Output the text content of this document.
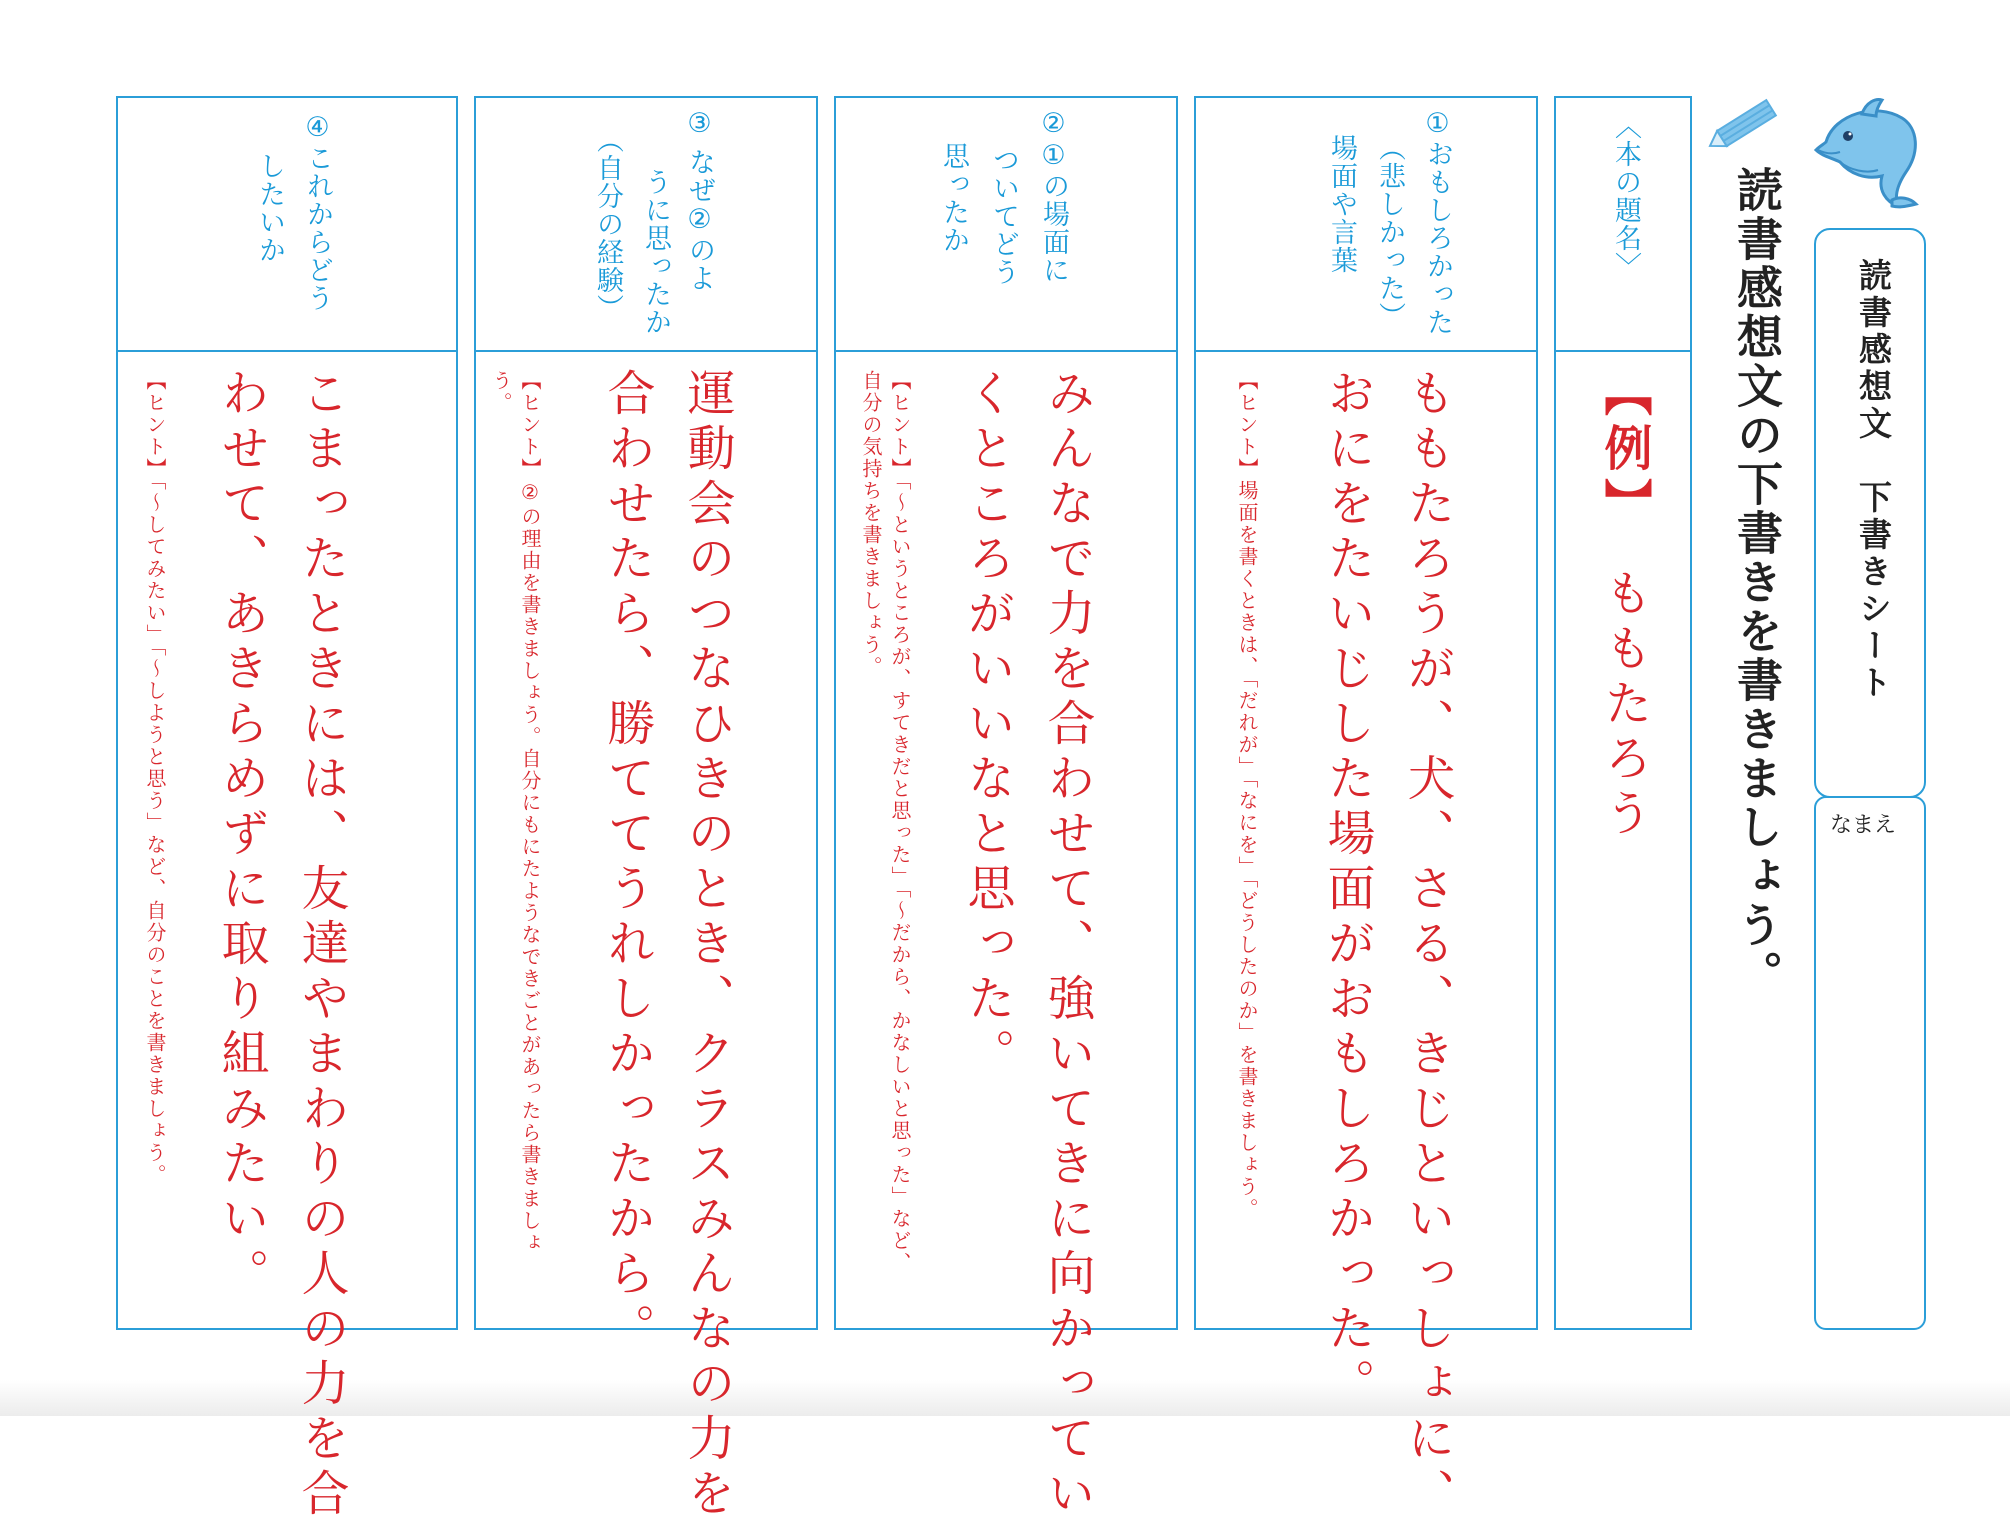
④これからどう
したいか
こまったときには、友達やまわりの人の力を合
わせて、あきらめずに取り組みたい。
【ヒント】「～してみたい」「～しようと思う」など、自分のことを書きましょう。
③
なぜ②のよ
うに思ったか
（自分の経験）
運動会のつなひきのとき、クラスみんなの力を
合わせたら、勝ててうれしかったから。
【ヒント】②の理由を書きましょう。自分にもにたようなできごとがあったら書きましょう。
②①の場面に
ついてどう
思ったか
みんなで力を合わせて、強いてきに向かってい
くところがいいなと思った。
【ヒント】「～というところが、すてきだと思った」「～だから、かなしいと思った」など、自分の気持ちを書きましょう。
①おもしろかった
（悲しかった）
場面や言葉
ももたろうが、犬、さる、きじといっしょに、
おにをたいじした場面がおもしろかった。
【ヒント】場面を書くときは、「だれが」「なにを」「どうしたのか」を書きましょう。
〈本の題名〉
【例】
ももたろう 読書感想文の下書きを書きましょう。 読書感想文　下書きシート
なまえ
